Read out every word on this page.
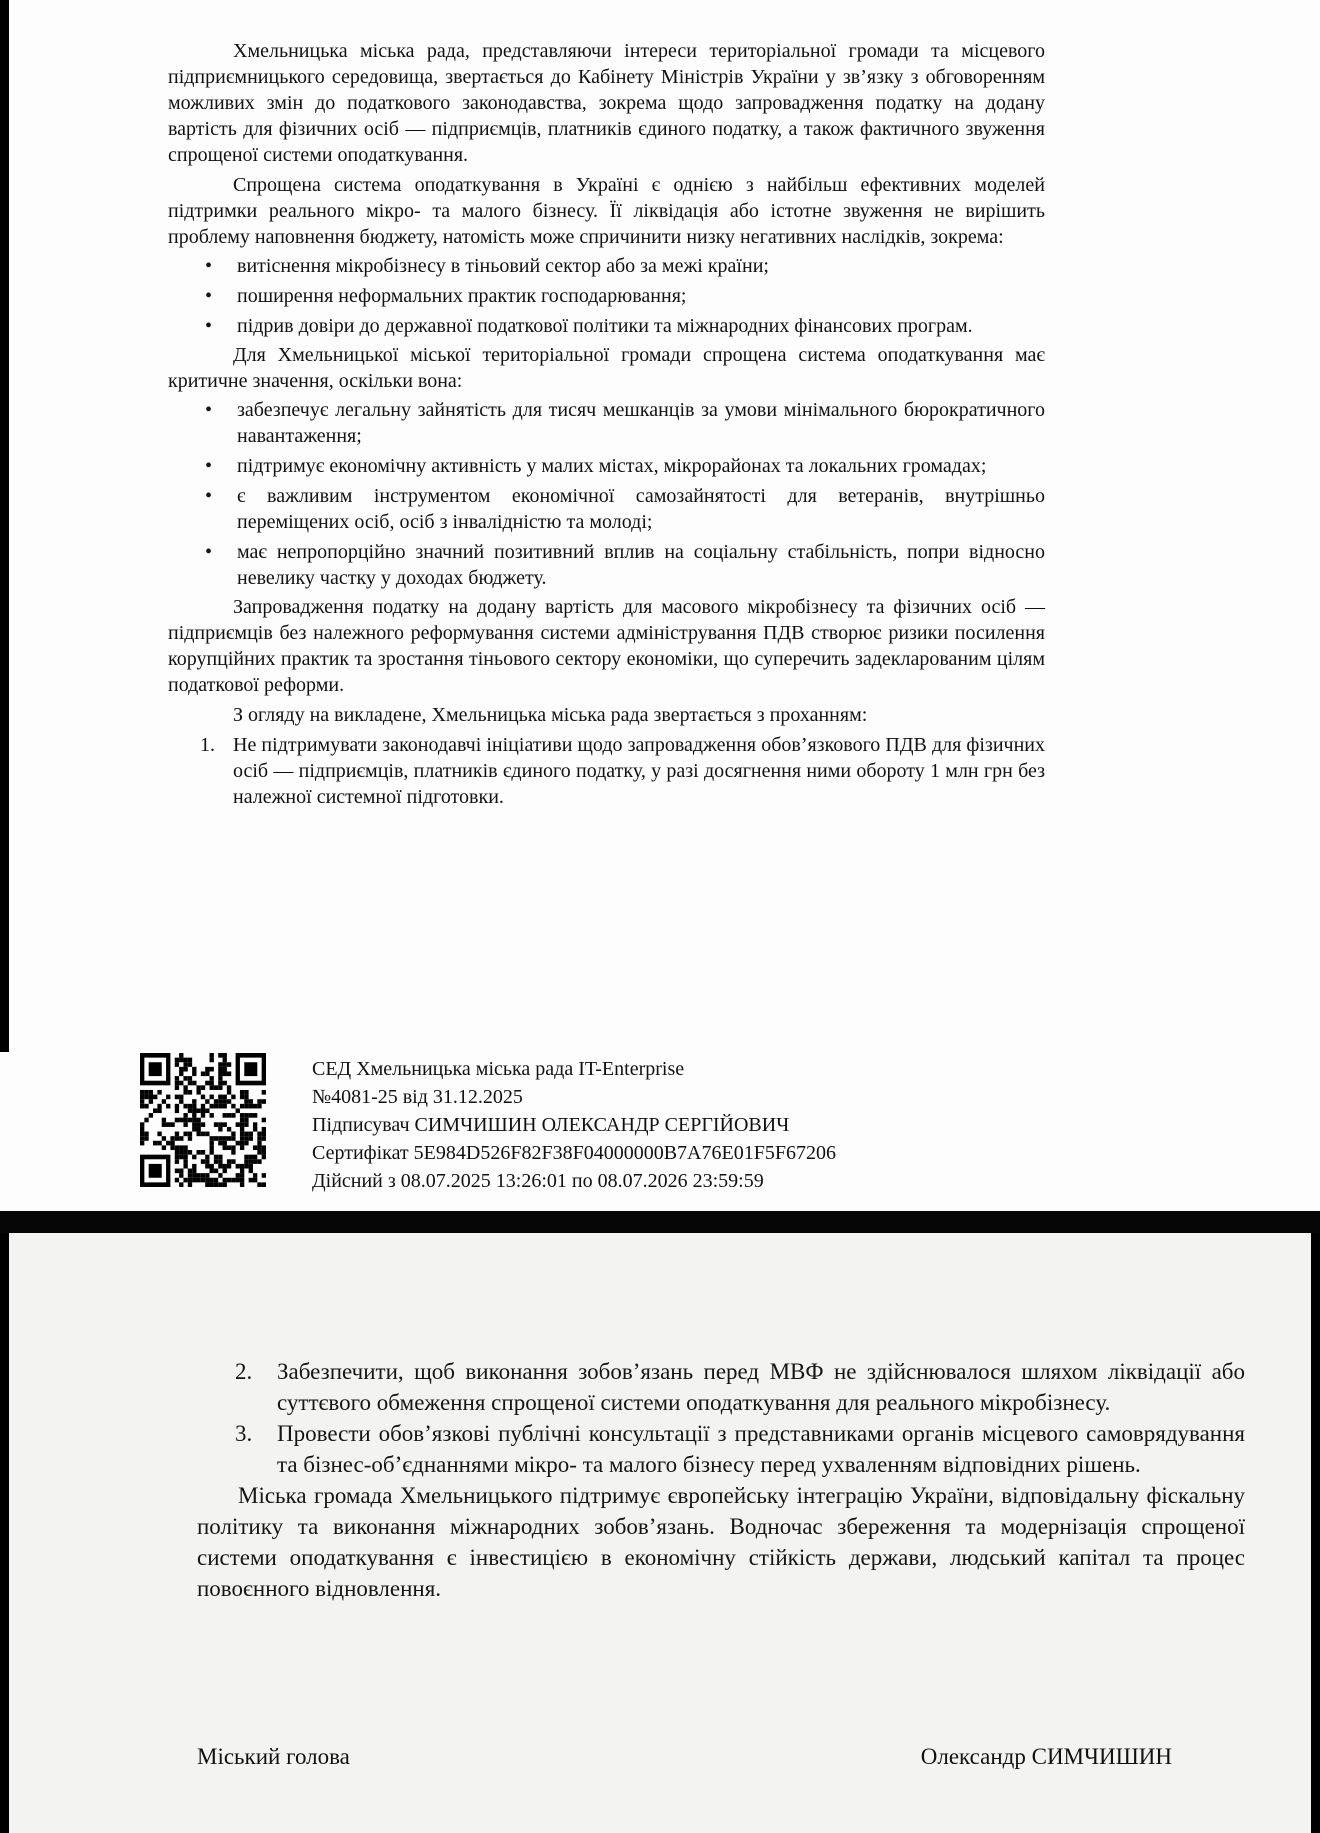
Хмельницька міська рада, представляючи інтереси територіальної громади та місцевого підприємницького середовища, звертається до Кабінету Міністрів України у зв’язку з обговоренням можливих змін до податкового законодавства, зокрема щодо запровадження податку на додану вартість для фізичних осіб — підприємців, платників єдиного податку, а також фактичного звуження спрощеної системи оподаткування.

Спрощена система оподаткування в Україні є однією з найбільш ефективних моделей підтримки реального мікро- та малого бізнесу. Її ліквідація або істотне звуження не вирішить проблему наповнення бюджету, натомість може спричинити низку негативних наслідків, зокрема:

• витіснення мікробізнесу в тіньовий сектор або за межі країни;
• поширення неформальних практик господарювання;
• підрив довіри до державної податкової політики та міжнародних фінансових програм.

Для Хмельницької міської територіальної громади спрощена система оподаткування має критичне значення, оскільки вона:

• забезпечує легальну зайнятість для тисяч мешканців за умови мінімального бюрократичного навантаження;
• підтримує економічну активність у малих містах, мікрорайонах та локальних громадах;
• є важливим інструментом економічної самозайнятості для ветеранів, внутрішньо переміщених осіб, осіб з інвалідністю та молоді;
• має непропорційно значний позитивний вплив на соціальну стабільність, попри відносно невелику частку у доходах бюджету.

Запровадження податку на додану вартість для масового мікробізнесу та фізичних осіб — підприємців без належного реформування системи адміністрування ПДВ створює ризики посилення корупційних практик та зростання тіньового сектору економіки, що суперечить задекларованим цілям податкової реформи.

З огляду на викладене, Хмельницька міська рада звертається з проханням:

1. Не підтримувати законодавчі ініціативи щодо запровадження обов’язкового ПДВ для фізичних осіб — підприємців, платників єдиного податку, у разі досягнення ними обороту 1 млн грн без належної системної підготовки.
СЕД Хмельницька міська рада IT-Enterprise
№4081-25 від 31.12.2025
Підписувач СИМЧИШИН ОЛЕКСАНДР СЕРГІЙОВИЧ
Сертифікат 5E984D526F82F38F04000000B7A76E01F5F67206
Дійсний з 08.07.2025 13:26:01 по 08.07.2026 23:59:59
2. Забезпечити, щоб виконання зобов’язань перед МВФ не здійснювалося шляхом ліквідації або суттєвого обмеження спрощеної системи оподаткування для реального мікробізнесу.
3. Провести обов’язкові публічні консультації з представниками органів місцевого самоврядування та бізнес-об’єднаннями мікро- та малого бізнесу перед ухваленням відповідних рішень.

Міська громада Хмельницького підтримує європейську інтеграцію України, відповідальну фіскальну політику та виконання міжнародних зобов’язань. Водночас збереження та модернізація спрощеної системи оподаткування є інвестицією в економічну стійкість держави, людський капітал та процес повоєнного відновлення.

Міський голова	Олександр СИМЧИШИН
